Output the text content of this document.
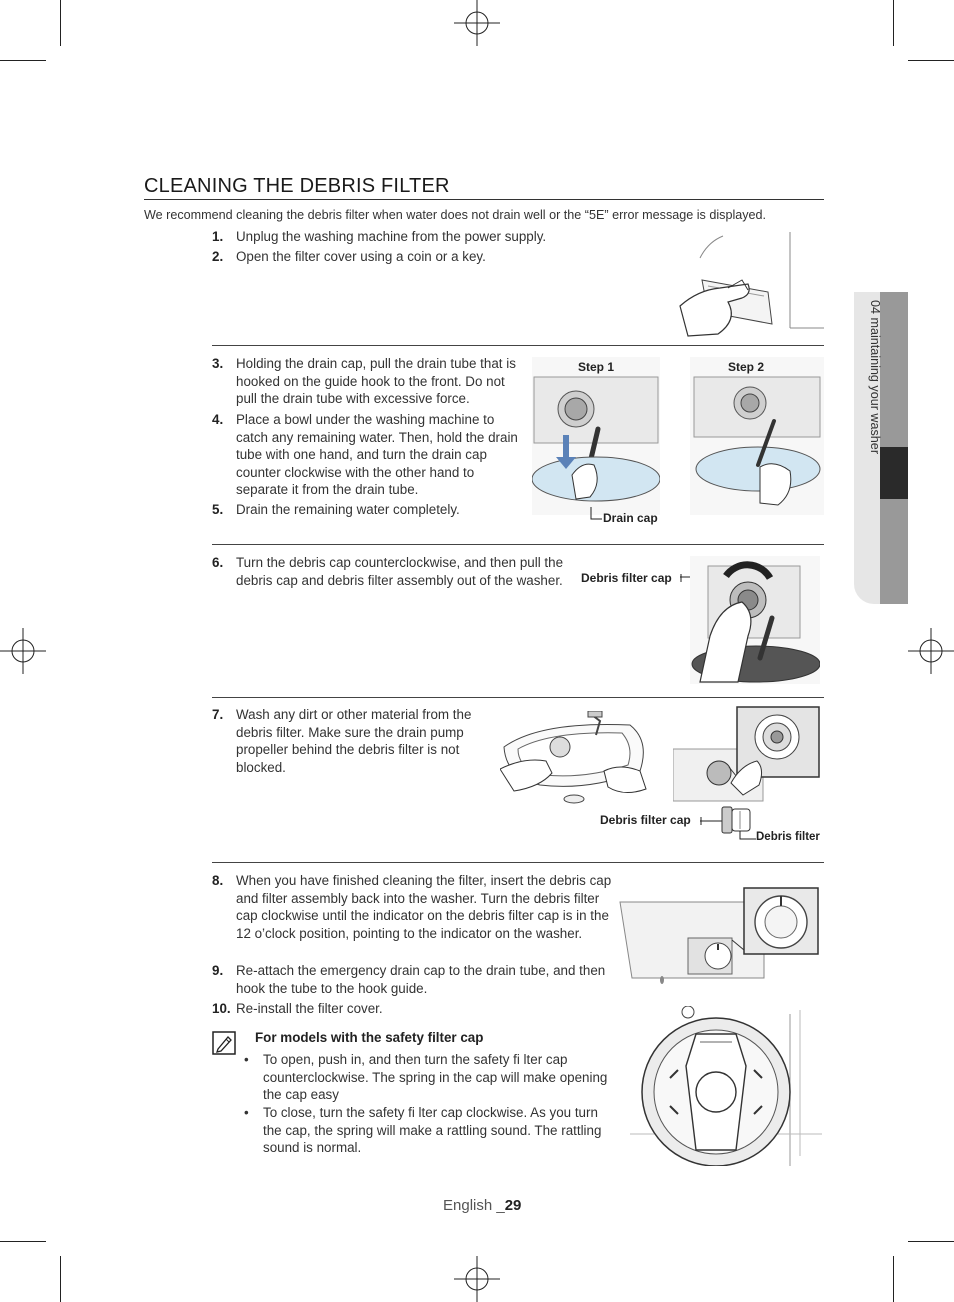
04 maintaining your washer
CLEANING THE DEBRIS FILTER
We recommend cleaning the debris filter when water does not drain well or the “5E” error message is displayed.
1. Unplug the washing machine from the power supply.
2. Open the filter cover using a coin or a key.
3. Holding the drain cap, pull the drain tube that is hooked on the guide hook to the front. Do not pull the drain tube with excessive force.
4. Place a bowl under the washing machine to catch any remaining water. Then, hold the drain tube with one hand, and turn the drain cap counter clockwise with the other hand to separate it from the drain tube.
5. Drain the remaining water completely.
Step 1
Drain cap
Step 2
6. Turn the debris cap counterclockwise, and then pull the debris cap and debris filter assembly out of the washer.	Debris filter cap
7. Wash any dirt or other material from the debris filter. Make sure the drain pump propeller behind the debris filter is not blocked.
Debris filter cap
Debris filter
8. When you have finished cleaning the filter, insert the debris cap and filter assembly back into the washer. Turn the debris filter cap clockwise until the indicator on the debris filter cap is in the 12 o’clock position, pointing to the indicator on the washer.
9. Re-attach the emergency drain cap to the drain tube, and then hook the tube to the hook guide.
10. Re-install the filter cover.
For models with the safety filter cap
• To open, push in, and then turn the safety fi lter cap counterclockwise. The spring in the cap will make opening the cap easy
• To close, turn the safety fi lter cap clockwise. As you turn the cap, the spring will make a rattling sound. The rattling sound is normal.
English _29
